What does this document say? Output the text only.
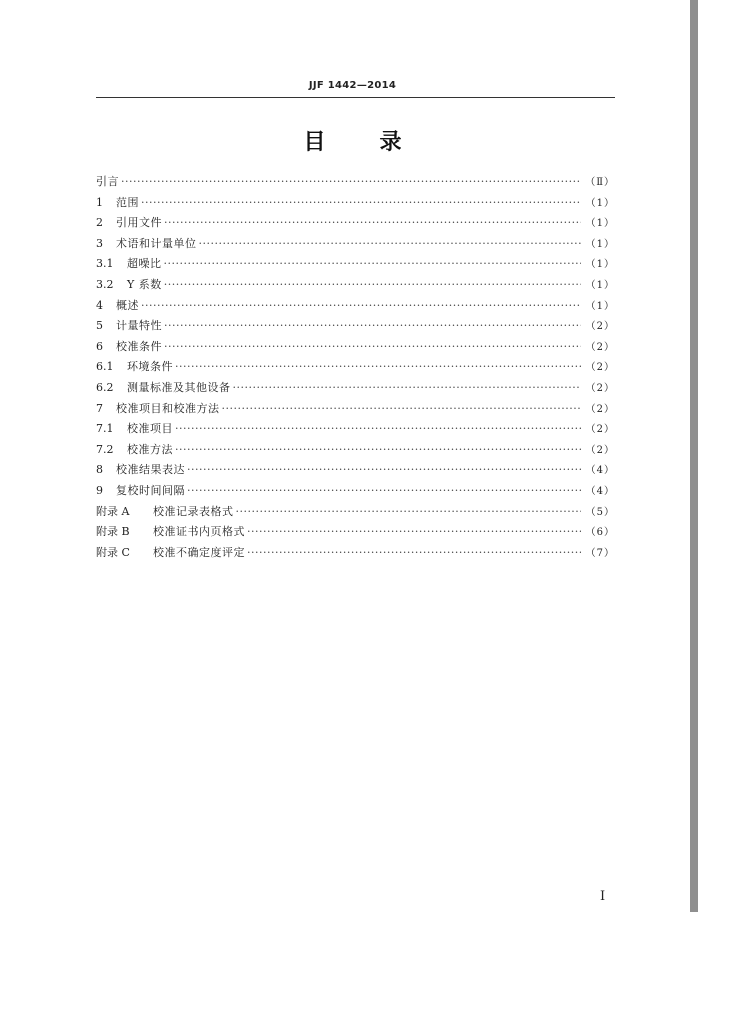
JJF 1442—2014
目 录
引言 ·····	（Ⅱ）
1	范围 ·····	（1）
2	引用文件 ·····	（1）
3	术语和计量单位 ·····	（1）
3.1	超噪比 ·····	（1）
3.2	Y 系数 ·····	（1）
4	概述 ·····	（1）
5	计量特性 ·····	（2）
6	校准条件 ·····	（2）
6.1	环境条件 ·····	（2）
6.2	测量标准及其他设备 ·····	（2）
7	校准项目和校准方法 ·····	（2）
7.1	校准项目 ·····	（2）
7.2	校准方法 ·····	（2）
8	校准结果表达 ·····	（4）
9	复校时间间隔 ·····	（4）
附录 A	校准记录表格式 ·····	（5）
附录 B	校准证书内页格式 ·····	（6）
附录 C	校准不确定度评定 ·····	（7）
I
